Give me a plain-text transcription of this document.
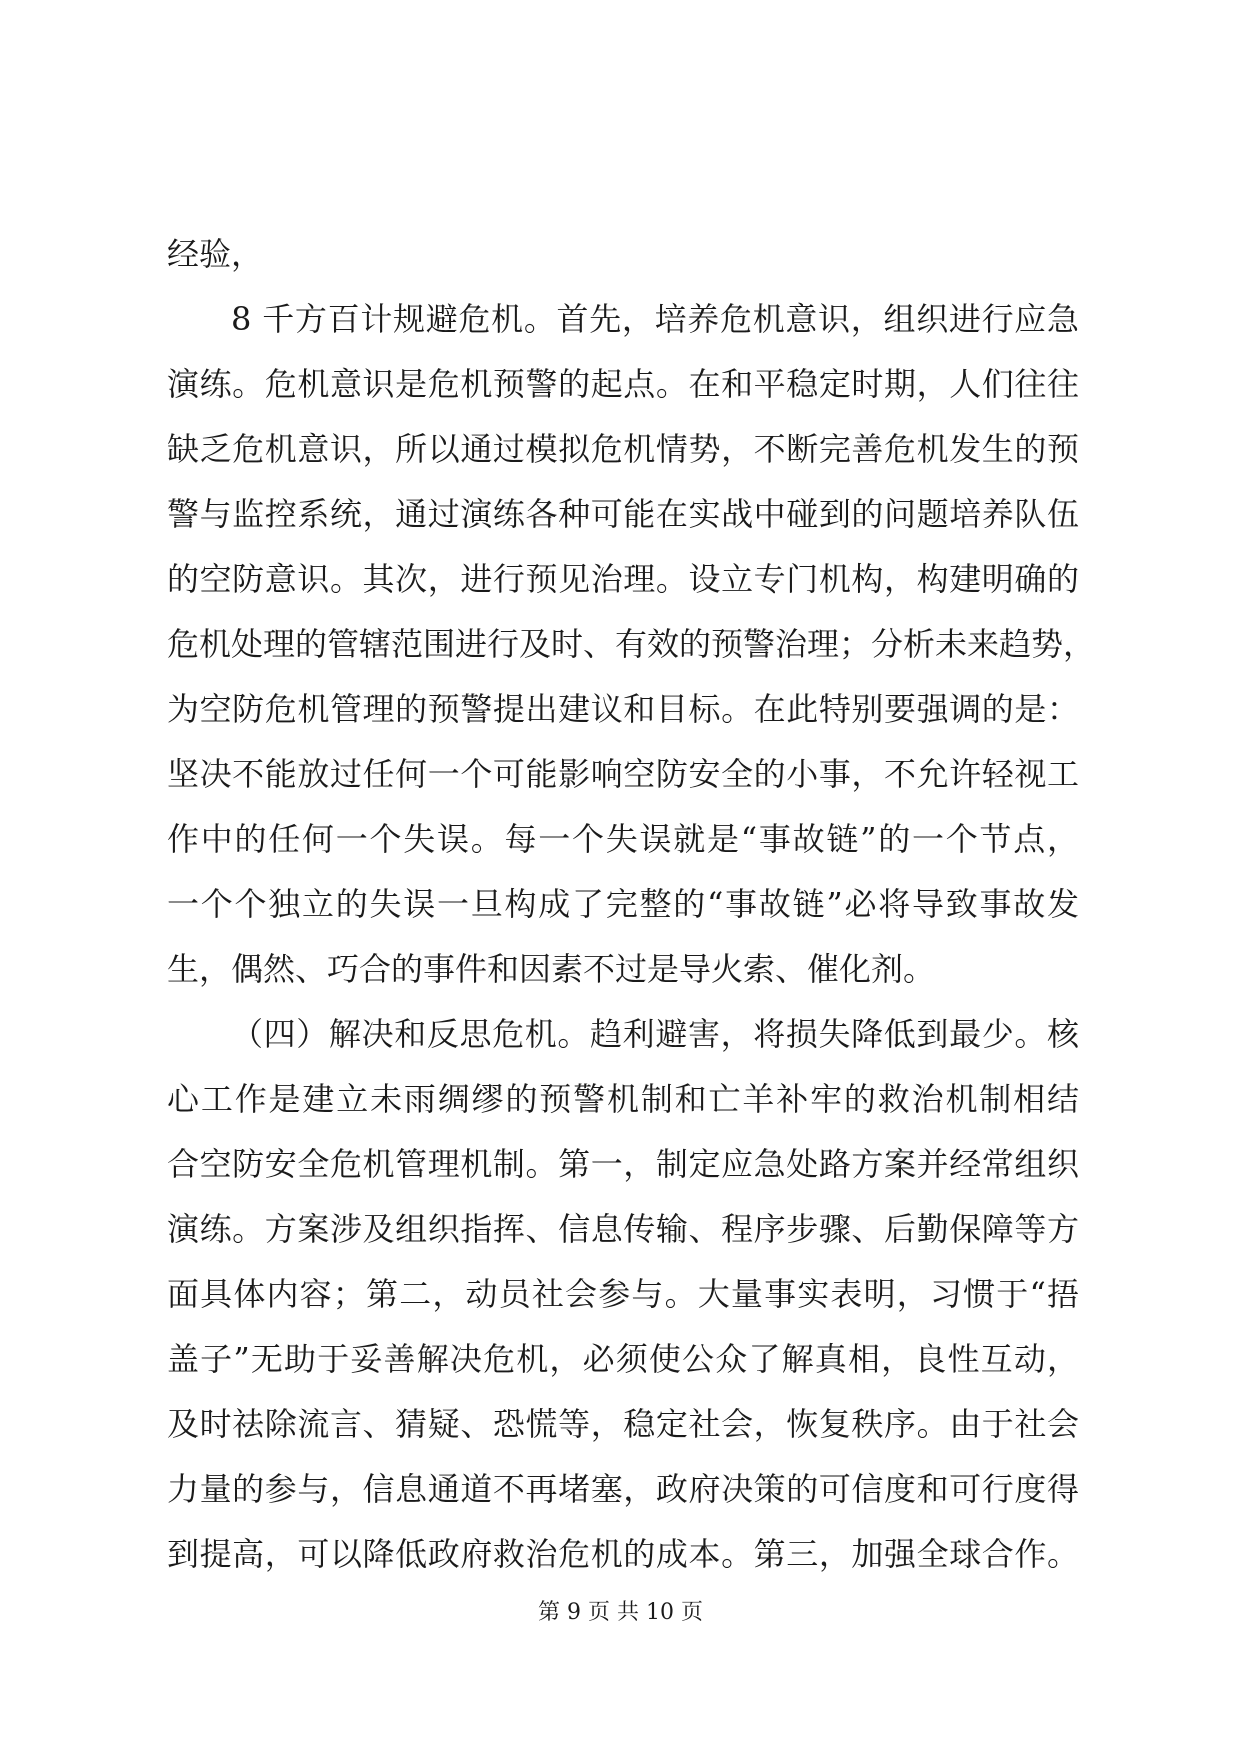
经验，
8 千方百计规避危机。首先，培养危机意识，组织进行应急
演练。危机意识是危机预警的起点。在和平稳定时期，人们往往
缺乏危机意识，所以通过模拟危机情势，不断完善危机发生的预
警与监控系统，通过演练各种可能在实战中碰到的问题培养队伍
的空防意识。其次，进行预见治理。设立专门机构，构建明确的
危机处理的管辖范围进行及时、有效的预警治理；分析未来趋势，
为空防危机管理的预警提出建议和目标。在此特别要强调的是：
坚决不能放过任何一个可能影响空防安全的小事，不允许轻视工
作中的任何一个失误。每一个失误就是“事故链”的一个节点，
一个个独立的失误一旦构成了完整的“事故链”必将导致事故发
生，偶然、巧合的事件和因素不过是导火索、催化剂。
（四）解决和反思危机。趋利避害，将损失降低到最少。核
心工作是建立未雨绸缪的预警机制和亡羊补牢的救治机制相结
合空防安全危机管理机制。第一，制定应急处路方案并经常组织
演练。方案涉及组织指挥、信息传输、程序步骤、后勤保障等方
面具体内容；第二，动员社会参与。大量事实表明，习惯于“捂
盖子”无助于妥善解决危机，必须使公众了解真相，良性互动，
及时祛除流言、猜疑、恐慌等，稳定社会，恢复秩序。由于社会
力量的参与，信息通道不再堵塞，政府决策的可信度和可行度得
到提高，可以降低政府救治危机的成本。第三，加强全球合作。
第 9 页 共 10 页
